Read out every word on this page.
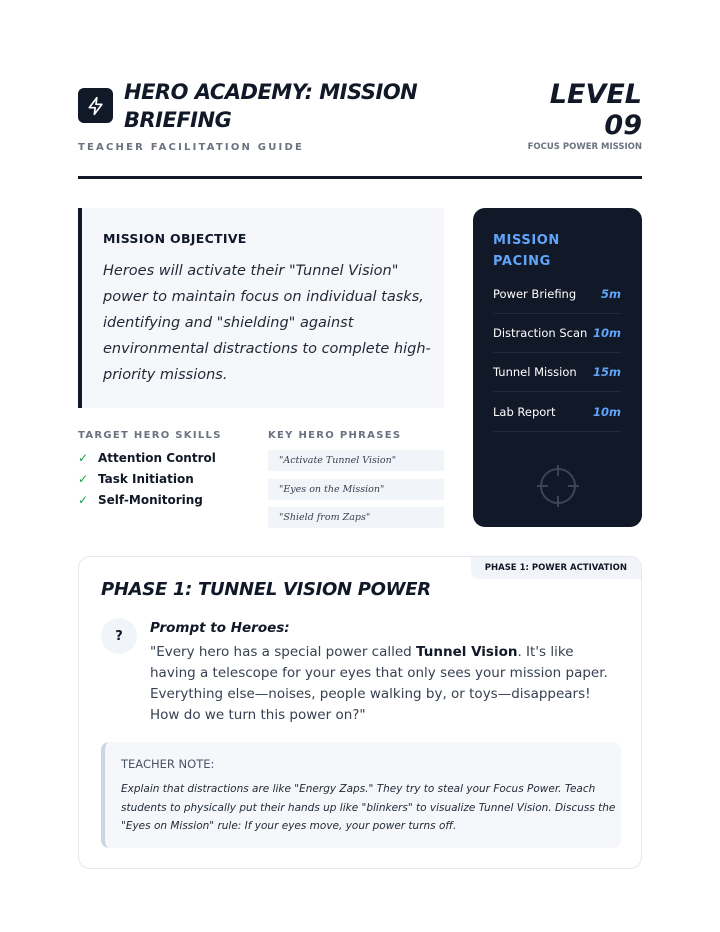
HERO ACADEMY: MISSION BRIEFING
TEACHER FACILITATION GUIDE
LEVEL
09
FOCUS POWER MISSION
MISSION OBJECTIVE
Heroes will activate their "Tunnel Vision" power to maintain focus on individual tasks, identifying and "shielding" against environmental distractions to complete high-priority missions.
TARGET HERO SKILLS
✓ Attention Control
✓ Task Initiation
✓ Self-Monitoring
KEY HERO PHRASES
"Activate Tunnel Vision"
"Eyes on the Mission"
"Shield from Zaps"
MISSION PACING
Power Briefing 5m
Distraction Scan 10m
Tunnel Mission 15m
Lab Report	10m
PHASE 1: POWER ACTIVATION
PHASE 1: TUNNEL VISION POWER
?	Prompt to Heroes:
"Every hero has a special power called Tunnel Vision. It's like having a telescope for your eyes that only sees your mission paper. Everything else—noises, people walking by, or toys—disappears! How do we turn this power on?"
TEACHER NOTE:
Explain that distractions are like "Energy Zaps." They try to steal your Focus Power. Teach students to physically put their hands up like "blinkers" to visualize Tunnel Vision. Discuss the "Eyes on Mission" rule: If your eyes move, your power turns off.
